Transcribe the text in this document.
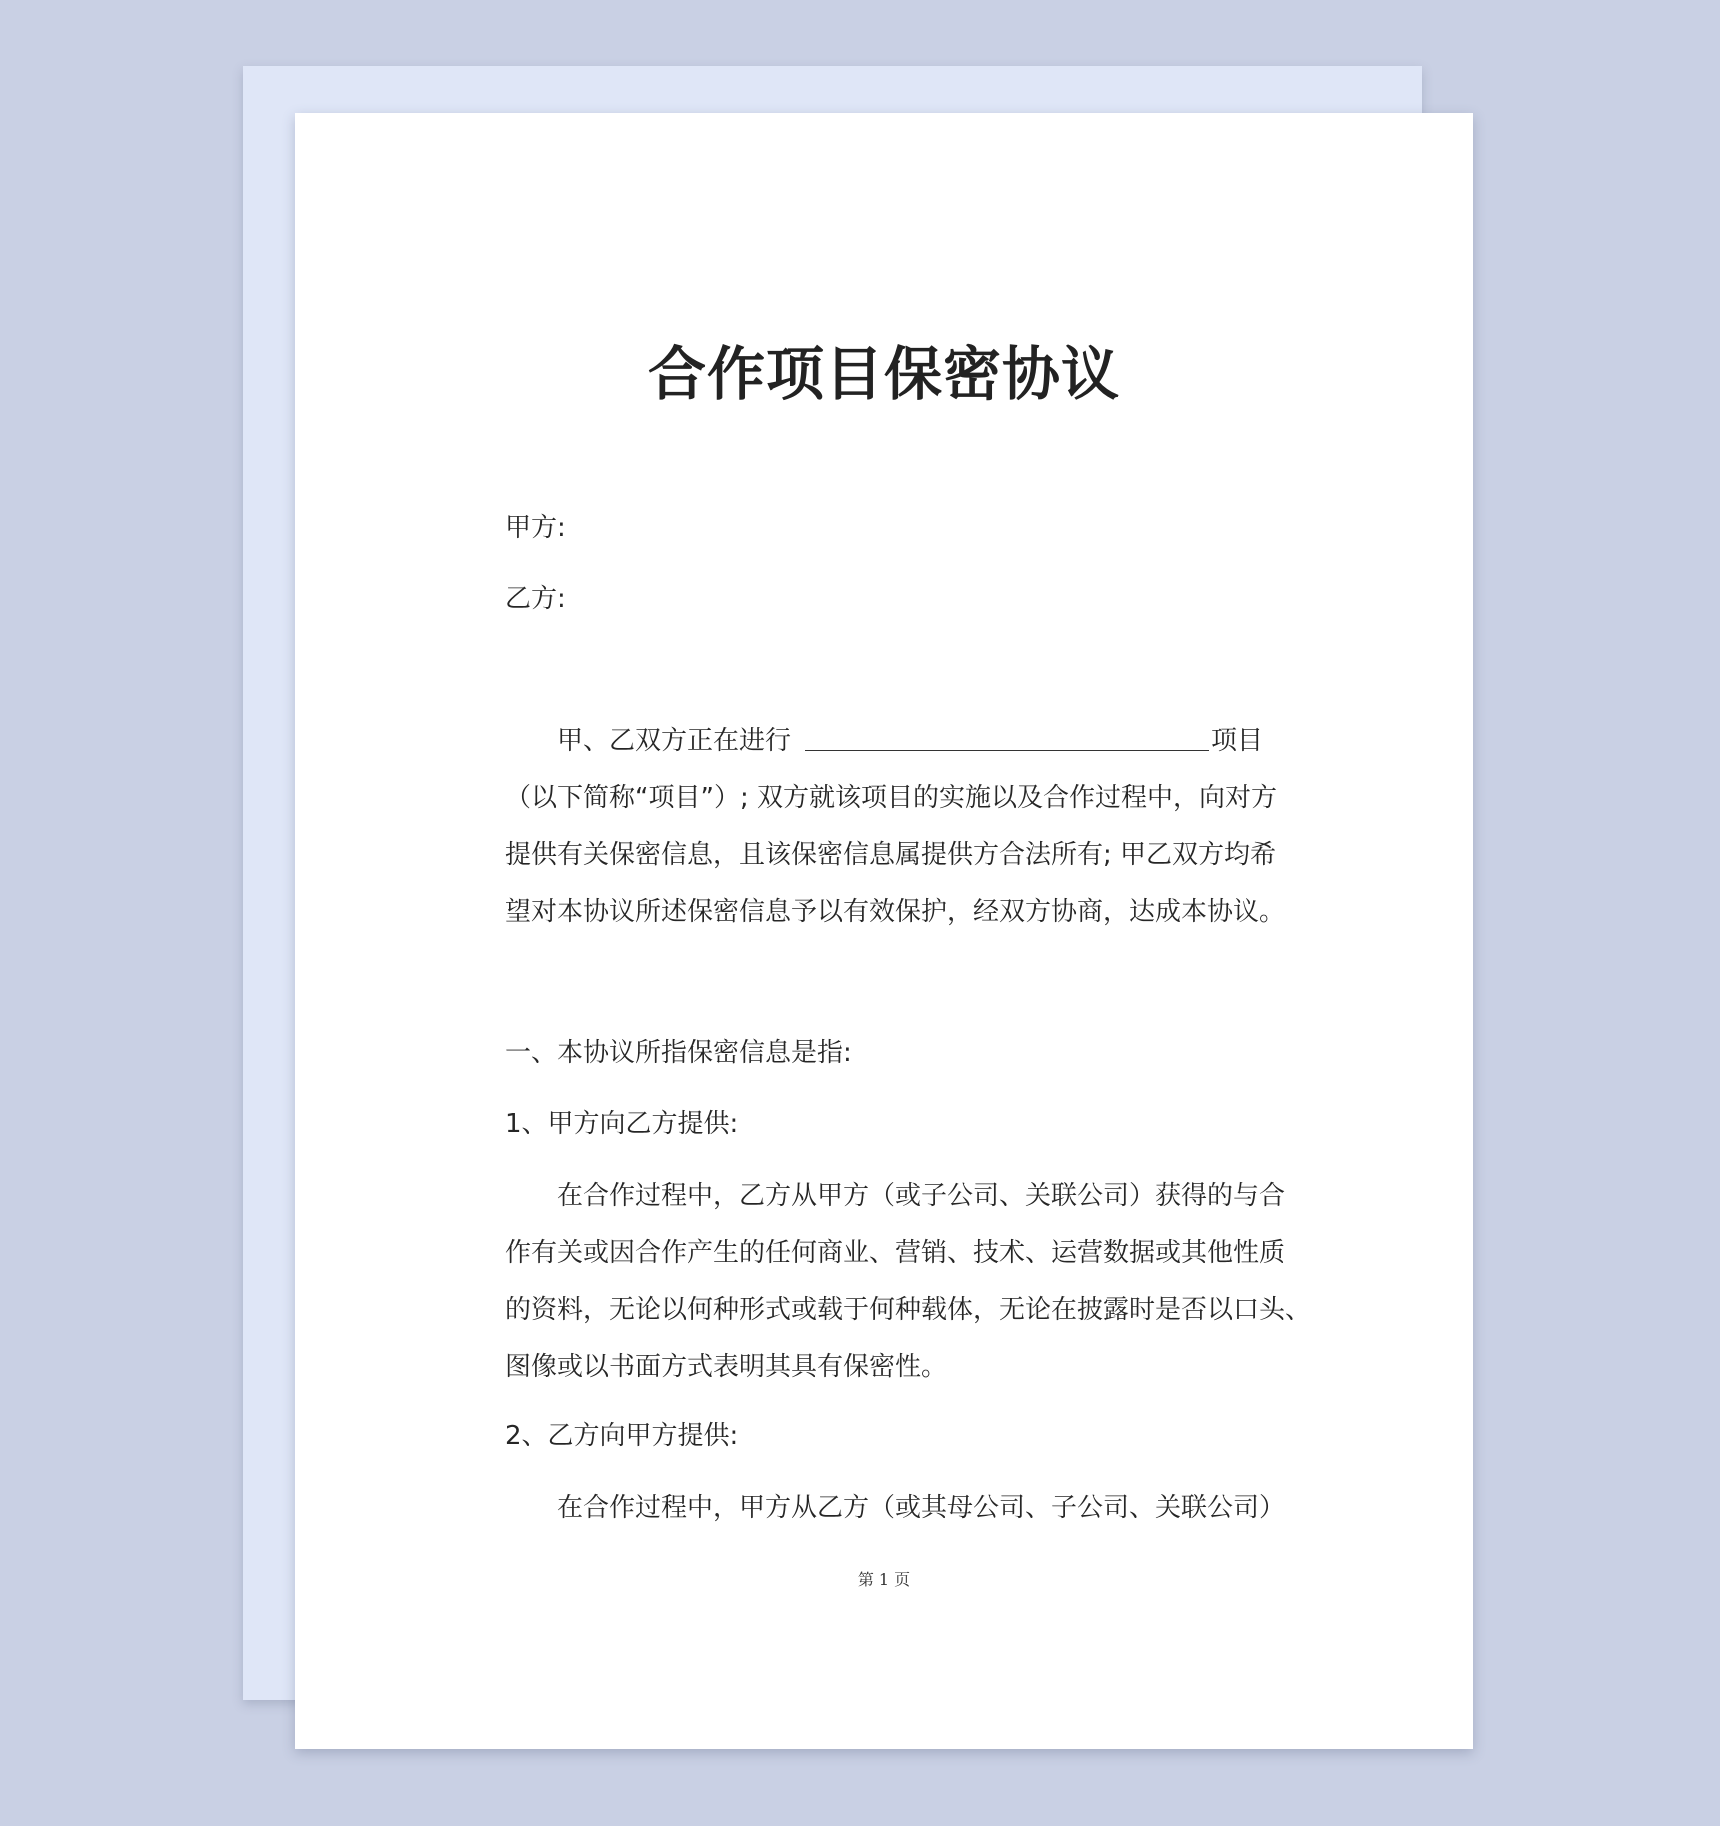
合作项目保密协议
甲方:
乙方:
甲、乙双方正在进行	项目
（以下简称“项目”）; 双方就该项目的实施以及合作过程中，向对方
提供有关保密信息，且该保密信息属提供方合法所有; 甲乙双方均希
望对本协议所述保密信息予以有效保护，经双方协商，达成本协议。
一、本协议所指保密信息是指:
1、甲方向乙方提供:
在合作过程中，乙方从甲方（或子公司、关联公司）获得的与合
作有关或因合作产生的任何商业、营销、技术、运营数据或其他性质
的资料，无论以何种形式或载于何种载体，无论在披露时是否以口头、
图像或以书面方式表明其具有保密性。
2、乙方向甲方提供:
在合作过程中，甲方从乙方（或其母公司、子公司、关联公司）
第 1 页
